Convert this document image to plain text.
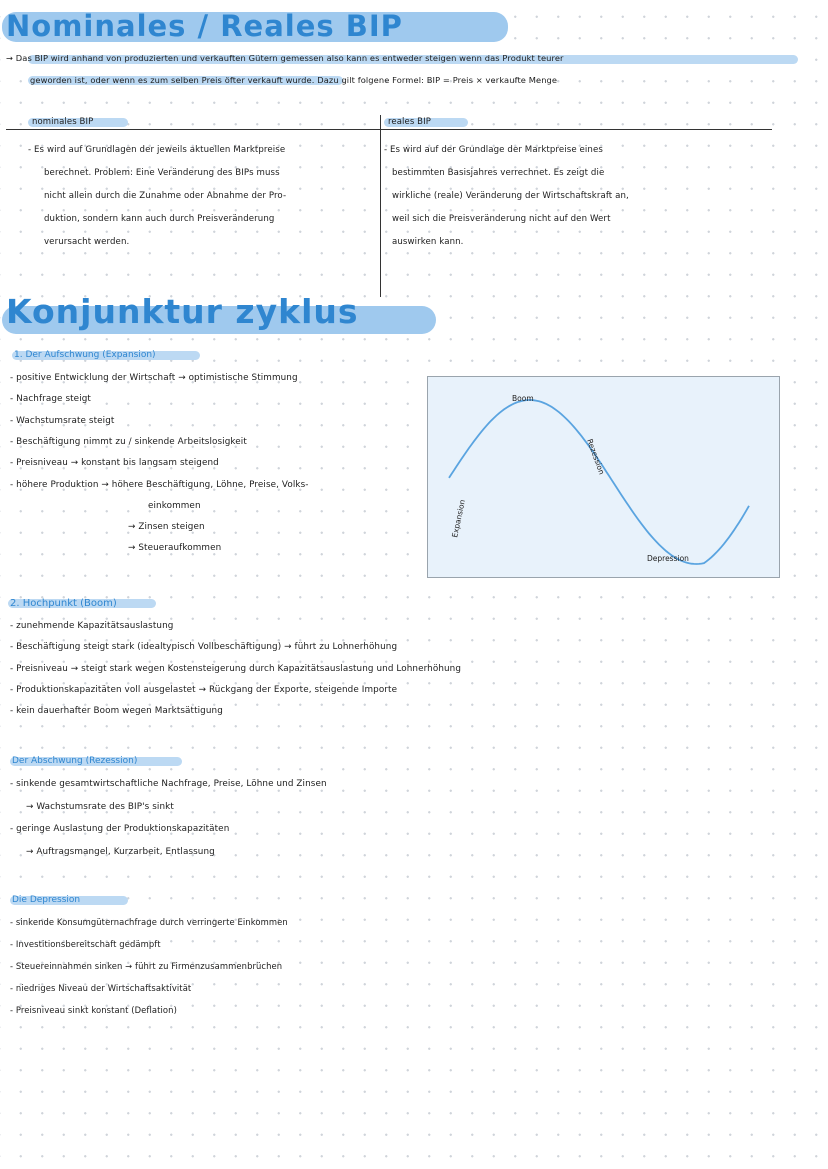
Nominales / Reales BIP
→ Das BIP wird anhand von produzierten und verkauften Gütern gemessen also kann es entweder steigen wenn das Produkt teurer
geworden ist, oder wenn es zum selben Preis öfter verkauft wurde. Dazu gilt folgene Formel: BIP = Preis × verkaufte Menge
nominales BIP	reales BIP
- Es wird auf Grundlagen der jeweils aktuellen Marktpreise
berechnet. Problem: Eine Veränderung des BIPs muss
nicht allein durch die Zunahme oder Abnahme der Pro-
duktion, sondern kann auch durch Preisveränderung
verursacht werden.
- Es wird auf der Grundlage der Marktpreise eines
bestimmten Basisjahres verrechnet. Es zeigt die
wirkliche (reale) Veränderung der Wirtschaftskraft an,
weil sich die Preisveränderung nicht auf den Wert
auswirken kann.
Konjunktur zyklus
1. Der Aufschwung (Expansion)
- positive Entwicklung der Wirtschaft → optimistische Stimmung
- Nachfrage steigt
- Wachstumsrate steigt
- Beschäftigung nimmt zu / sinkende Arbeitslosigkeit
- Preisniveau → konstant bis langsam steigend
- höhere Produktion → höhere Beschäftigung, Löhne, Preise, Volks-
einkommen
→ Zinsen steigen
→ Steueraufkommen
Boom
Rezession
Expansion
Depression
2. Hochpunkt (Boom)
- zunehmende Kapazitätsauslastung
- Beschäftigung steigt stark (idealtypisch Vollbeschäftigung) → führt zu Lohnerhöhung
- Preisniveau → steigt stark wegen Kostensteigerung durch Kapazitätsauslastung und Lohnerhöhung
- Produktionskapazitäten voll ausgelastet → Rückgang der Exporte, steigende Importe
- kein dauerhafter Boom wegen Marktsättigung
Der Abschwung (Rezession)
- sinkende gesamtwirtschaftliche Nachfrage, Preise, Löhne und Zinsen
→ Wachstumsrate des BIP's sinkt
- geringe Auslastung der Produktionskapazitäten
→ Auftragsmangel, Kurzarbeit, Entlassung
Die Depression
- sinkende Konsumgüternachfrage durch verringerte Einkommen
- Investitionsbereitschaft gedämpft
- Steuereinnahmen sinken → führt zu Firmenzusammenbrüchen
- niedriges Niveau der Wirtschaftsaktivität
- Preisniveau sinkt konstant (Deflation)
